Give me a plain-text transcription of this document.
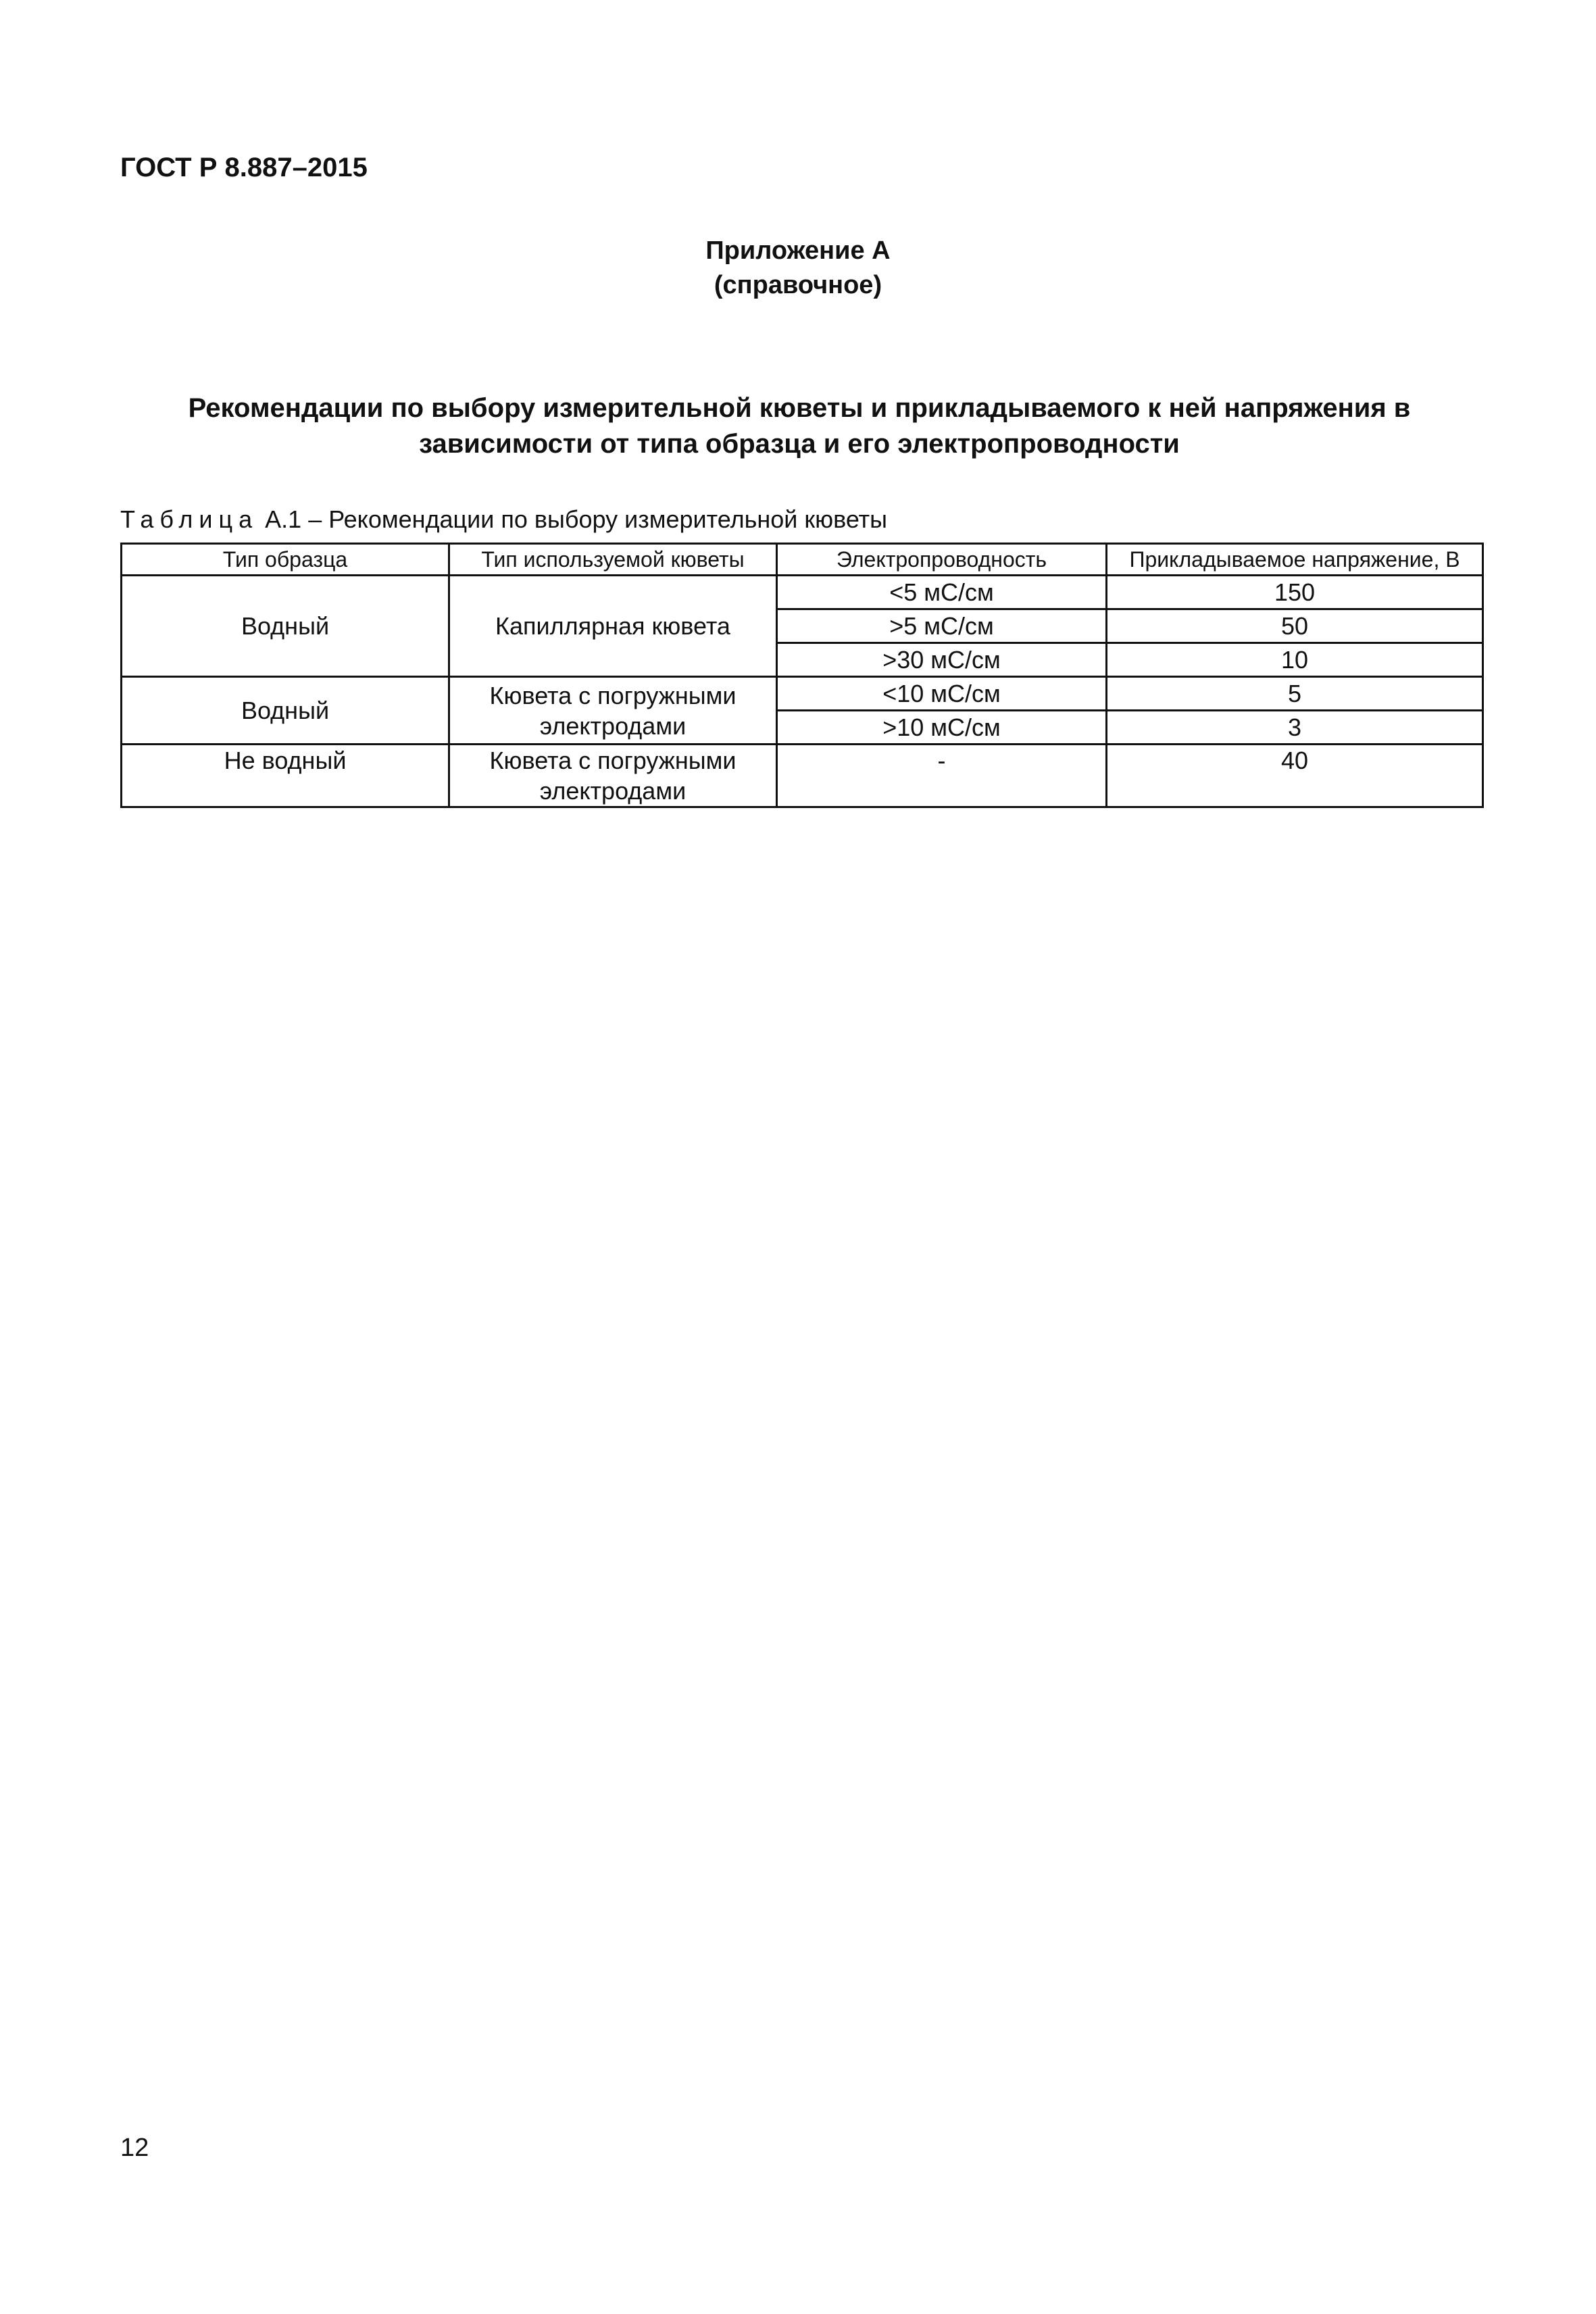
ГОСТ Р 8.887–2015
Приложение А
(справочное)
Рекомендации по выбору измерительной кюветы и прикладываемого к ней напряжения в
зависимости от типа образца и его электропроводности
Таблица А.1 – Рекомендации по выбору измерительной кюветы
Тип образца	Тип используемой кюветы	Электропроводность	Прикладываемое напряжение, В
Водный	Капиллярная кювета	<5 мС/см	150
		>5 мС/см	50
		>30 мС/см	10
Водный	Кювета с погружными электродами	<10 мС/см	5
		>10 мС/см	3
Не водный	Кювета с погружными электродами	-	40
12
